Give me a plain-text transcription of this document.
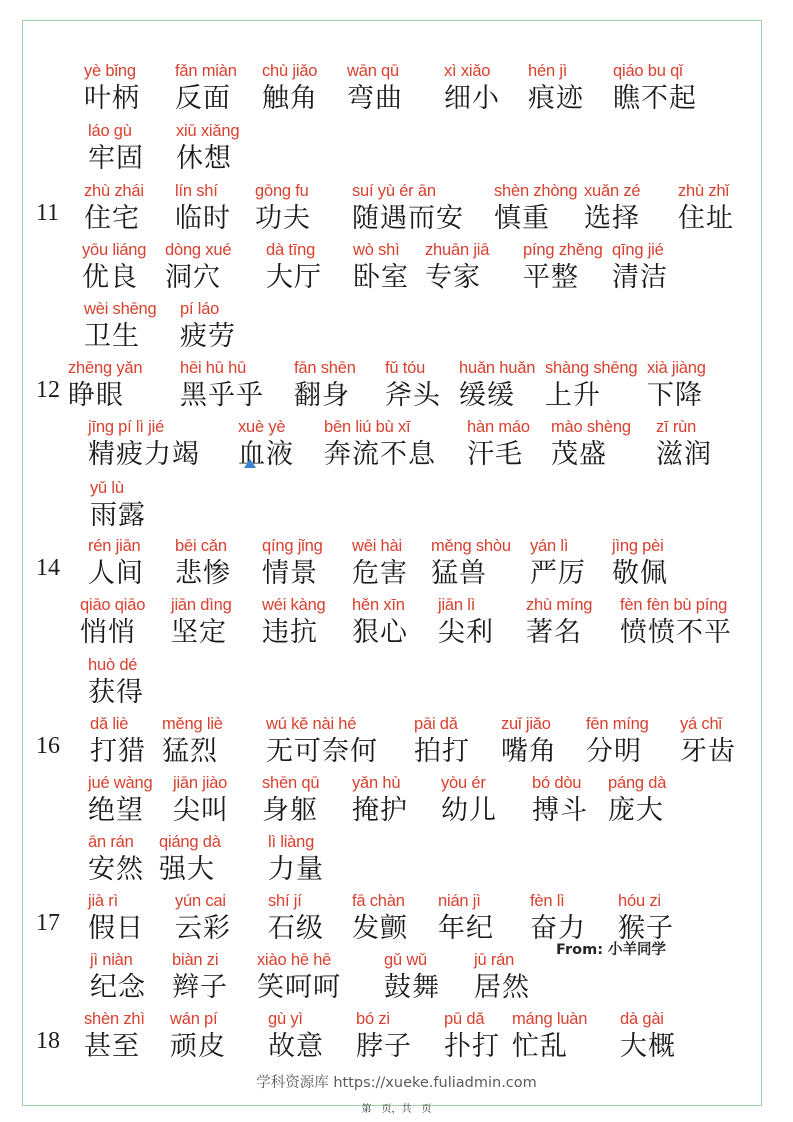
yè bǐng
叶柄
fǎn miàn
反面
chù jiǎo
触角
wān qū
弯曲
xì xiǎo
细小
hén jì
痕迹
qiáo bu qǐ
瞧不起
láo gù
牢固
xiū xiǎng
休想
11
zhù zhái
住宅
lín shí
临时
gōng fu
功夫
suí yù ér ān
随遇而安
shèn zhòng
慎重
xuǎn zé
选择
zhù zhǐ
住址
yōu liáng
优良
dòng xué
洞穴
dà tīng
大厅
wò shì
卧室
zhuān jiā
专家
píng zhěng
平整
qīng jié
清洁
wèi shēng
卫生
pí láo
疲劳
12
zhēng yǎn
睁眼
hēi hū hū
黑乎乎
fān shēn
翻身
fǔ tóu
斧头
huǎn huǎn
缓缓
shàng shēng
上升
xià jiàng
下降
jīng pí lì jié
精疲力竭
xuè yè
血液
bēn liú bù xī
奔流不息
hàn máo
汗毛
mào shèng
茂盛
zī rùn
滋润
yǔ lù
雨露
14
rén jiān
人间
bēi cǎn
悲惨
qíng jǐng
情景
wēi hài
危害
měng shòu
猛兽
yán lì
严厉
jìng pèi
敬佩
qiāo qiāo
悄悄
jiān dìng
坚定
wéi kàng
违抗
hěn xīn
狠心
jiān lì
尖利
zhù míng
著名
fèn fèn bù píng
愤愤不平
huò dé
获得
16
dǎ liè
打猎
měng liè
猛烈
wú kě nài hé
无可奈何
pāi dǎ
拍打
zuǐ jiǎo
嘴角
fēn míng
分明
yá chǐ
牙齿
jué wàng
绝望
jiān jiào
尖叫
shēn qū
身躯
yǎn hù
掩护
yòu ér
幼儿
bó dòu
搏斗
páng dà
庞大
ān rán
安然
qiáng dà
强大
lì liàng
力量
17
jià rì
假日
yún cai
云彩
shí jí
石级
fā chàn
发颤
nián jì
年纪
fèn lì
奋力
hóu zi
猴子
jì niàn
纪念
biàn zi
辫子
xiào hē hē
笑呵呵
gǔ wǔ
鼓舞
jū rán
居然
18
shèn zhì
甚至
wán pí
顽皮
gù yì
故意
bó zi
脖子
pū dǎ
扑打
máng luàn
忙乱
dà gài
大概
From: 小羊同学
学科资源库 https://xueke.fuliadmin.com
第　页，共　页
